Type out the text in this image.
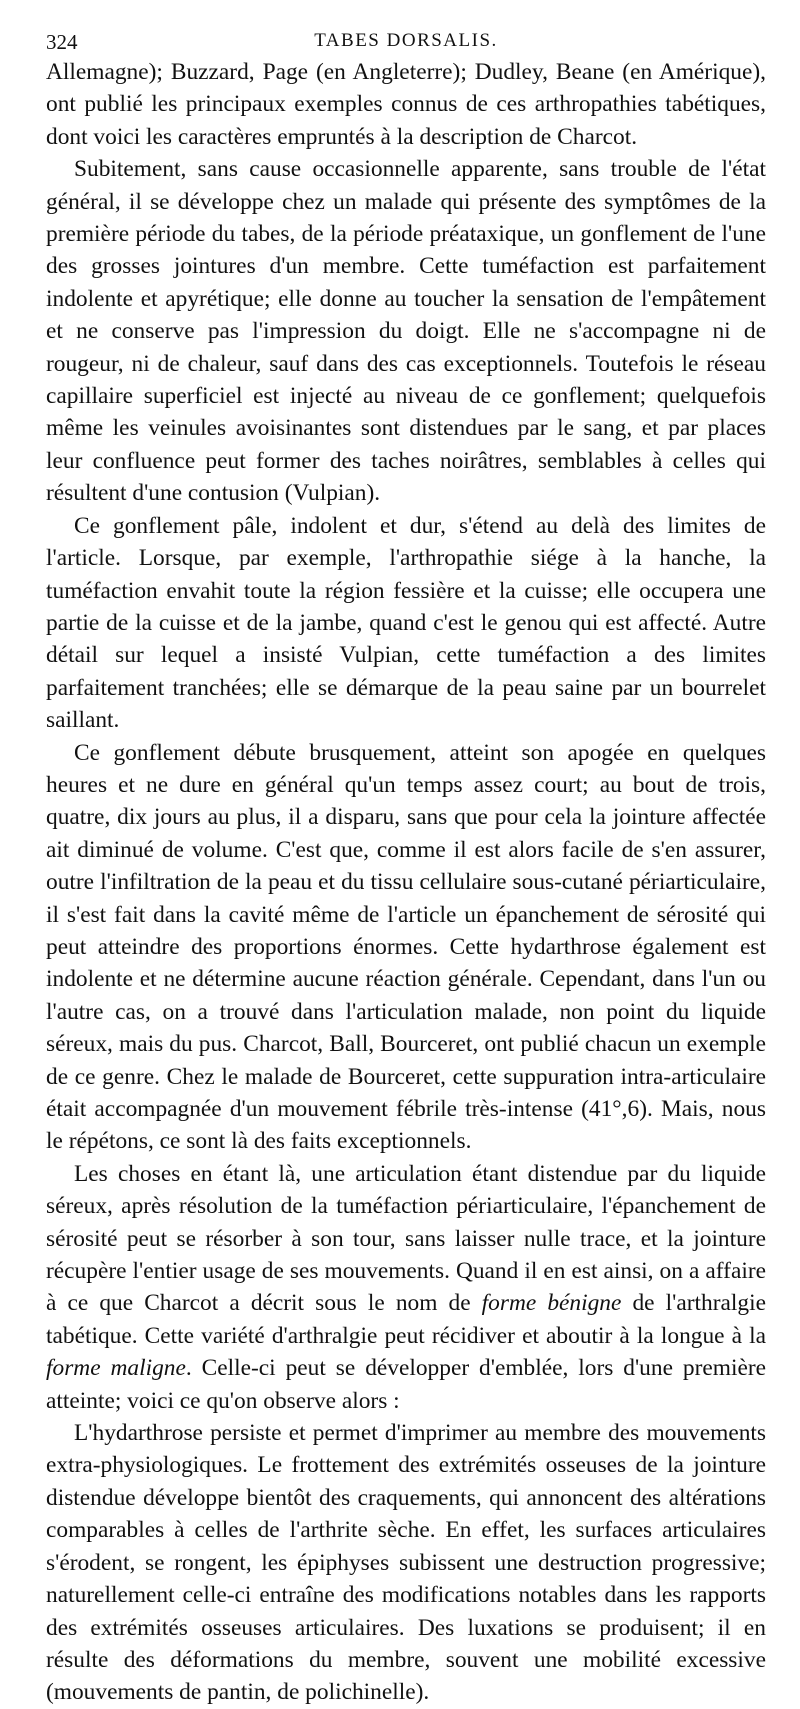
324	TABES DORSALIS.

Allemagne); Buzzard, Page (en Angleterre); Dudley, Beane (en Amérique), ont publié les principaux exemples connus de ces arthropathies tabétiques, dont voici les caractères empruntés à la description de Charcot.

Subitement, sans cause occasionnelle apparente, sans trouble de l'état général, il se développe chez un malade qui présente des symptômes de la première période du tabes, de la période préataxique, un gonflement de l'une des grosses jointures d'un membre. Cette tuméfaction est parfaitement indolente et apyrétique; elle donne au toucher la sensation de l'empâtement et ne conserve pas l'impression du doigt. Elle ne s'accompagne ni de rougeur, ni de chaleur, sauf dans des cas exceptionnels. Toutefois le réseau capillaire superficiel est injecté au niveau de ce gonflement; quelquefois même les veinules avoisinantes sont distendues par le sang, et par places leur confluence peut former des taches noirâtres, semblables à celles qui résultent d'une contusion (Vulpian).

Ce gonflement pâle, indolent et dur, s'étend au delà des limites de l'article. Lorsque, par exemple, l'arthropathie siége à la hanche, la tuméfaction envahit toute la région fessière et la cuisse; elle occupera une partie de la cuisse et de la jambe, quand c'est le genou qui est affecté. Autre détail sur lequel a insisté Vulpian, cette tuméfaction a des limites parfaitement tranchées; elle se démarque de la peau saine par un bourrelet saillant.

Ce gonflement débute brusquement, atteint son apogée en quelques heures et ne dure en général qu'un temps assez court; au bout de trois, quatre, dix jours au plus, il a disparu, sans que pour cela la jointure affectée ait diminué de volume. C'est que, comme il est alors facile de s'en assurer, outre l'infiltration de la peau et du tissu cellulaire sous-cutané périarticulaire, il s'est fait dans la cavité même de l'article un épanchement de sérosité qui peut atteindre des proportions énormes. Cette hydarthrose également est indolente et ne détermine aucune réaction générale. Cependant, dans l'un ou l'autre cas, on a trouvé dans l'articulation malade, non point du liquide séreux, mais du pus. Charcot, Ball, Bourceret, ont publié chacun un exemple de ce genre. Chez le malade de Bourceret, cette suppuration intra-articulaire était accompagnée d'un mouvement fébrile très-intense (41°,6). Mais, nous le répétons, ce sont là des faits exceptionnels.

Les choses en étant là, une articulation étant distendue par du liquide séreux, après résolution de la tuméfaction périarticulaire, l'épanchement de sérosité peut se résorber à son tour, sans laisser nulle trace, et la jointure récupère l'entier usage de ses mouvements. Quand il en est ainsi, on a affaire à ce que Charcot a décrit sous le nom de forme bénigne de l'arthralgie tabétique. Cette variété d'arthralgie peut récidiver et aboutir à la longue à la forme maligne. Celle-ci peut se développer d'emblée, lors d'une première atteinte; voici ce qu'on observe alors :

L'hydarthrose persiste et permet d'imprimer au membre des mouvements extra-physiologiques. Le frottement des extrémités osseuses de la jointure distendue développe bientôt des craquements, qui annoncent des altérations comparables à celles de l'arthrite sèche. En effet, les surfaces articulaires s'érodent, se rongent, les épiphyses subissent une destruction progressive; naturellement celle-ci entraîne des modifications notables dans les rapports des extrémités osseuses articulaires. Des luxations se produisent; il en résulte des déformations du membre, souvent une mobilité excessive (mouvements de pantin, de polichinelle).
